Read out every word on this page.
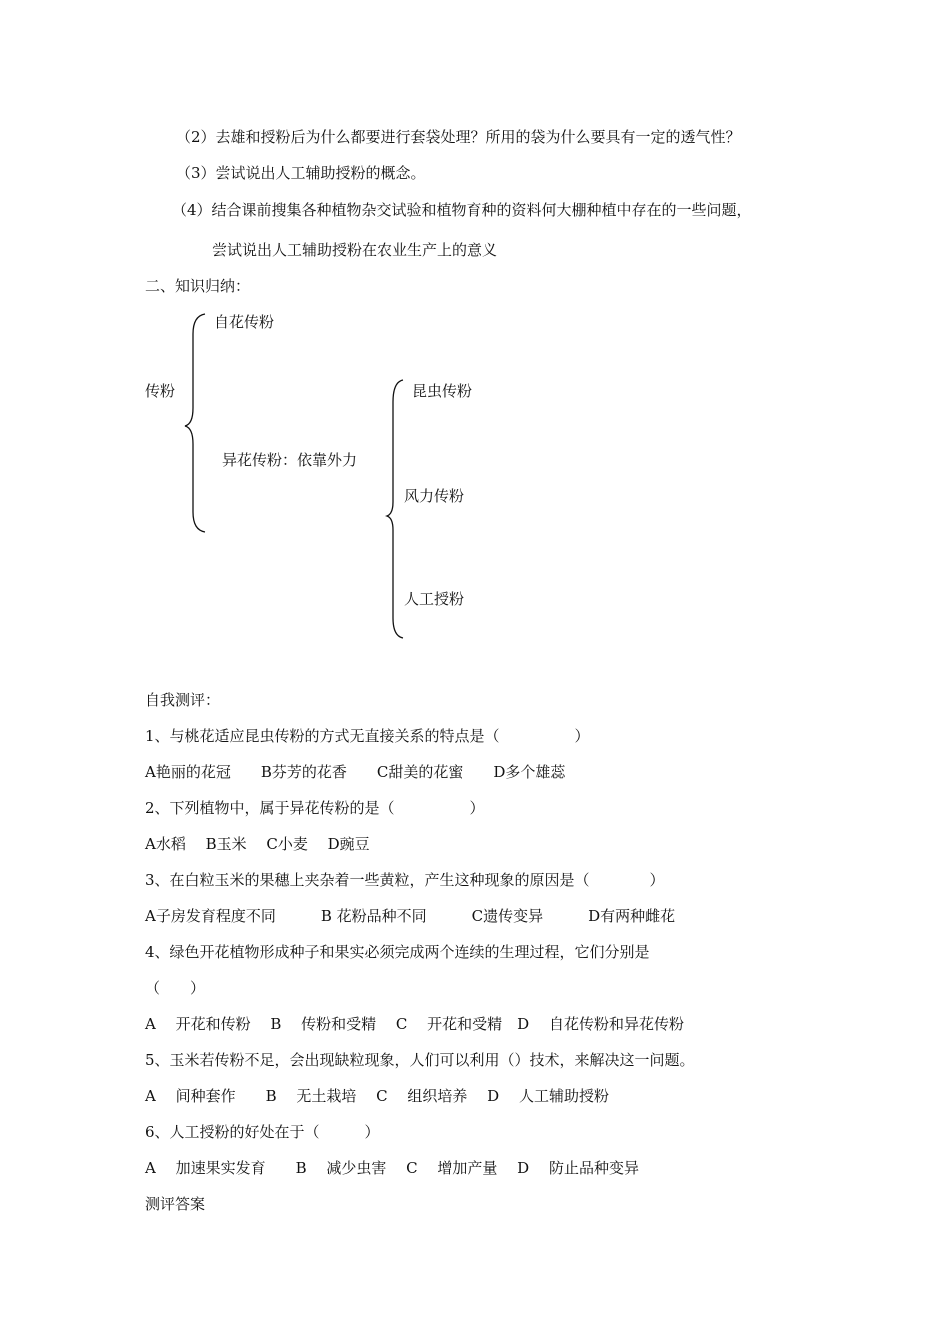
（2）去雄和授粉后为什么都要进行套袋处理？所用的袋为什么要具有一定的透气性？
（3）尝试说出人工辅助授粉的概念。
（4）结合课前搜集各种植物杂交试验和植物育种的资料何大棚种植中存在的一些问题，
尝试说出人工辅助授粉在农业生产上的意义
二、知识归纳：
传粉
自花传粉
异花传粉：依靠外力
昆虫传粉
风力传粉
人工授粉
自我测评：
1、与桃花适应昆虫传粉的方式无直接关系的特点是（　　　　　）
A艳丽的花冠　　B芬芳的花香　　C甜美的花蜜　　D多个雄蕊
2、下列植物中，属于异花传粉的是（　　　　　）
A水稻　 B玉米　 C小麦　 D豌豆
3、在白粒玉米的果穗上夹杂着一些黄粒，产生这种现象的原因是（　　　　）
A子房发育程度不同　　　B 花粉品种不同　　　C遗传变异　　　D有两种雌花
4、绿色开花植物形成种子和果实必须完成两个连续的生理过程，它们分别是
（　　）
A　 开花和传粉　 B　 传粉和受精　 C　 开花和受精　D　 自花传粉和异花传粉
5、玉米若传粉不足，会出现缺粒现象，人们可以利用（）技术，来解决这一问题。
A　 间种套作　　B　 无土栽培　 C　 组织培养　 D　 人工辅助授粉
6、人工授粉的好处在于（　　　）
A　 加速果实发育　　B　 减少虫害　 C　 增加产量　 D　 防止品种变异
测评答案
